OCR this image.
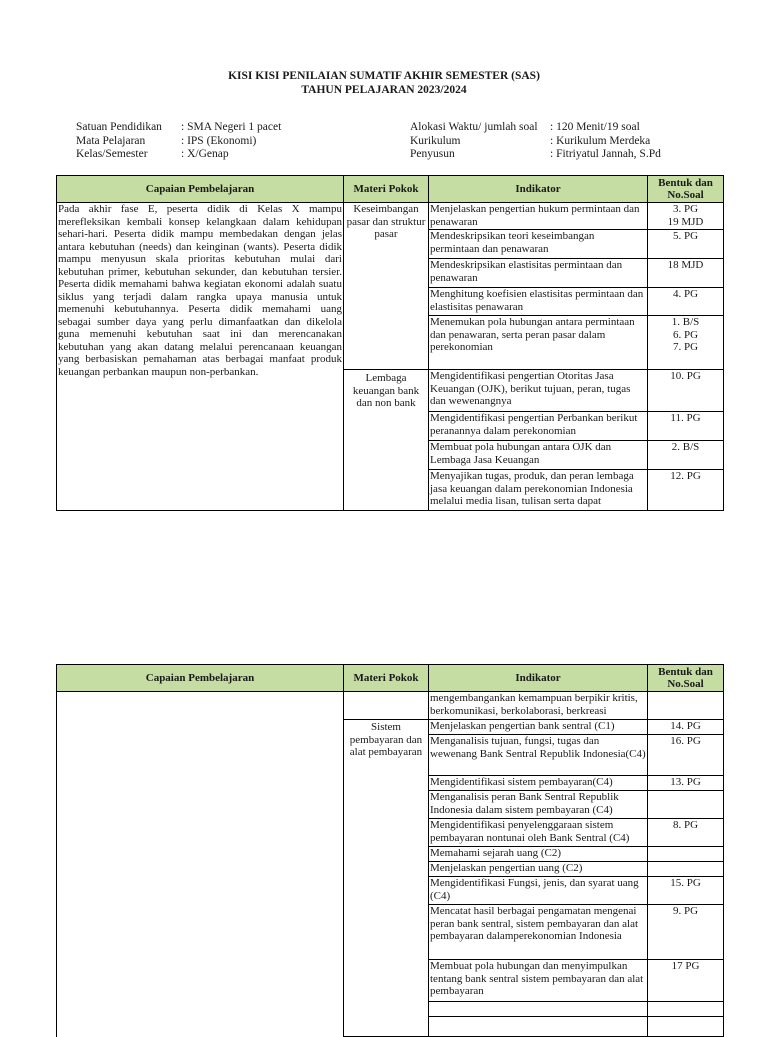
KISI KISI PENILAIAN SUMATIF AKHIR SEMESTER (SAS)
TAHUN PELAJARAN 2023/2024
Satuan Pendidikan : SMA Negeri 1 pacet
Mata Pelajaran	: IPS (Ekonomi)
Kelas/Semester	: X/Genap
Alokasi Waktu/ jumlah soal : 120 Menit/19 soal
Kurikulum	: Kurikulum Merdeka
Penyusun	: Fitriyatul Jannah, S.Pd
Capaian Pembelajaran	Materi Pokok	Indikator	Bentuk dan
No.Soal
Pada akhir fase E, peserta didik di Kelas X mampu merefleksikan kembali konsep kelangkaan dalam kehidupan sehari-hari. Peserta didik mampu membedakan dengan jelas antara kebutuhan (needs) dan keinginan (wants). Peserta didik mampu menyusun skala prioritas kebutuhan mulai dari kebutuhan primer, kebutuhan sekunder, dan kebutuhan tersier. Peserta didik memahami bahwa kegiatan ekonomi adalah suatu siklus yang terjadi dalam rangka upaya manusia untuk memenuhi kebutuhannya. Peserta didik memahami uang sebagai sumber daya yang perlu dimanfaatkan dan dikelola guna memenuhi kebutuhan saat ini dan merencanakan kebutuhan yang akan datang melalui perencanaan keuangan yang berbasiskan pemahaman atas berbagai manfaat produk keuangan perbankan maupun non-perbankan.	Keseimbangan pasar dan struktur pasar	Menjelaskan pengertian hukum permintaan dan penawaran	3. PG
19 MJD
		Mendeskripsikan teori keseimbangan permintaan dan penawaran	5. PG
		Mendeskripsikan elastisitas permintaan dan penawaran	18 MJD
		Menghitung koefisien elastisitas permintaan dan elastisitas penawaran	4. PG
		Menemukan pola hubungan antara permintaan dan penawaran, serta peran pasar dalam perekonomian	1. B/S
6. PG
7. PG
	Lembaga keuangan bank dan non bank	Mengidentifikasi pengertian Otoritas Jasa Keuangan (OJK), berikut tujuan, peran, tugas dan wewenangnya	10. PG
		Mengidentifikasi pengertian Perbankan berikut peranannya dalam perekonomian	11. PG
		Membuat pola hubungan antara OJK dan Lembaga Jasa Keuangan	2. B/S
		Menyajikan tugas, produk, dan peran lembaga jasa keuangan dalam perekonomian Indonesia melalui media lisan, tulisan serta dapat	12. PG
Capaian Pembelajaran	Materi Pokok	Indikator	Bentuk dan
No.Soal
		mengembangankan kemampuan berpikir kritis, berkomunikasi, berkolaborasi, berkreasi	
	Sistem pembayaran dan alat pembayaran	Menjelaskan pengertian bank sentral (C1)	14. PG
		Menganalisis tujuan, fungsi, tugas dan wewenang Bank Sentral Republik Indonesia(C4)	16. PG
		Mengidentifikasi sistem pembayaran(C4)	13. PG
		Menganalisis peran Bank Sentral Republik Indonesia dalam sistem pembayaran (C4)	
		Mengidentifikasi penyelenggaraan sistem pembayaran nontunai oleh Bank Sentral (C4)	8. PG
		Memahami sejarah uang (C2)	
		Menjelaskan pengertian uang (C2)	
		Mengidentifikasi Fungsi, jenis, dan syarat uang (C4)	15. PG
		Mencatat hasil berbagai pengamatan mengenai peran bank sentral, sistem pembayaran dan alat pembayaran dalamperekonomian Indonesia	9. PG
		Membuat pola hubungan dan menyimpulkan tentang bank sentral sistem pembayaran dan alat pembayaran	17 PG
